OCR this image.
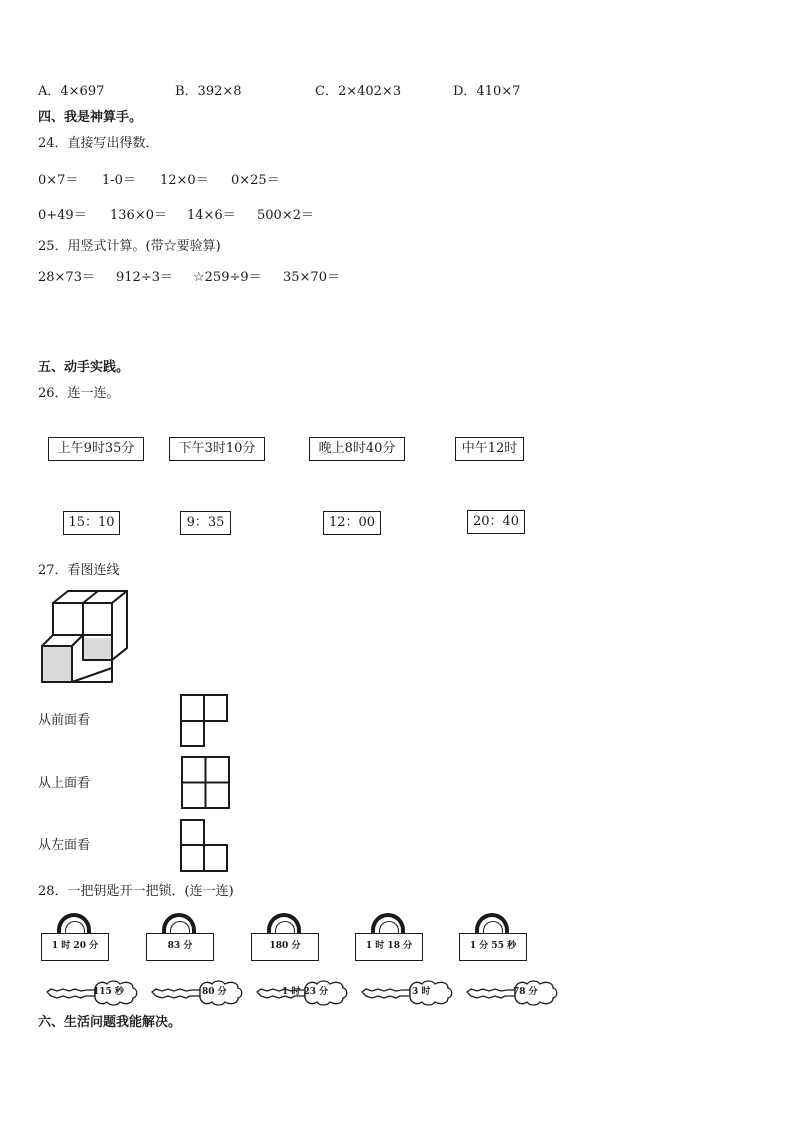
A．4×697	B．392×8	C．2×402×3	D．410×7
四、我是神算手。
24．直接写出得数．
0×7＝ 1-0＝ 12×0＝ 0×25＝
0+49＝ 136×0＝ 14×6＝ 500×2＝
25．用竖式计算。(带☆要验算)
28×73＝ 912÷3＝ ☆259÷9＝ 35×70＝
五、动手实践。
26．连一连。
上午9时35分	下午3时10分	晚上8时40分	中午12时
15：10	9：35	12：00	20：40
27．看图连线
从前面看
从上面看
从左面看
28．一把钥匙开一把锁．(连一连)
1 时 20 分	83 分	180 分	1 时 18 分	1 分 55 秒
115 秒	80 分	1 时 23 分	3 时	78 分
六、生活问题我能解决。
